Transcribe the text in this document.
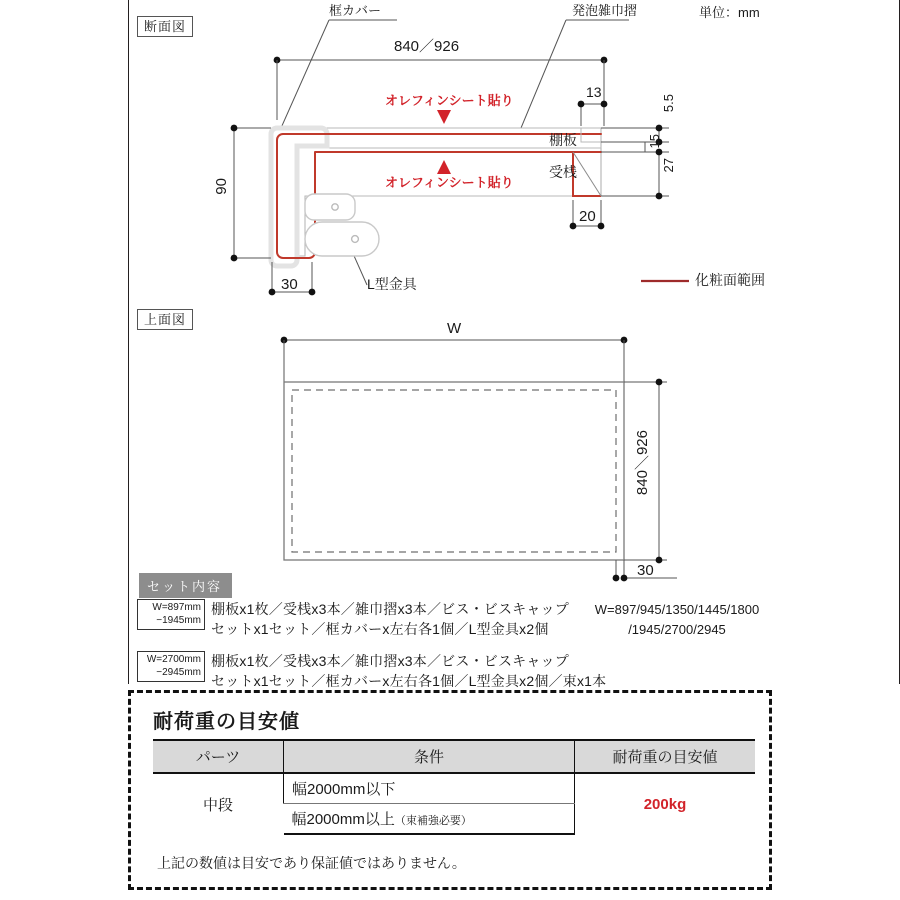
断面図
框カバー	発泡雑巾摺	単位：mm
840／926
オレフィンシート貼り
オレフィンシート貼り
棚板
受桟
90
30
13
5.5
15
27
20
L型金具	化粧面範囲
上面図
W
840／926
30
セット内容
W=897mm
−1945mm
棚板x1枚／受桟x3本／雑巾摺x3本／ビス・ビスキャップ
セットx1セット／框カバーx左右各1個／L型金具x2個
W=2700mm
−2945mm
棚板x1枚／受桟x3本／雑巾摺x3本／ビス・ビスキャップ
セットx1セット／框カバーx左右各1個／L型金具x2個／束x1本
W=897/945/1350/1445/1800
/1945/2700/2945
耐荷重の目安値
パーツ	条件	耐荷重の目安値
中段	幅2000mm以下	200kg
	幅2000mm以上（束補強必要）	
上記の数値は目安であり保証値ではありません。
